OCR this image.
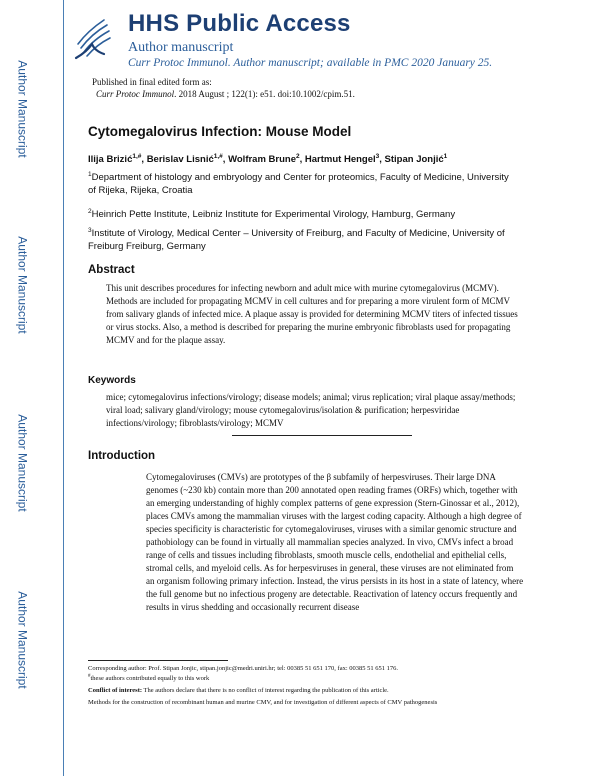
Author Manuscript
Author Manuscript
Author Manuscript
Author Manuscript
HHS Public Access
Author manuscript
Curr Protoc Immunol. Author manuscript; available in PMC 2020 January 25.
Published in final edited form as:
Curr Protoc Immunol. 2018 August ; 122(1): e51. doi:10.1002/cpim.51.
Cytomegalovirus Infection: Mouse Model
Ilija Brizić$^{1,\#}$, Berislav Lisnić$^{1,\#}$, Wolfram Brune$^2$, Hartmut Hengel$^3$, Stipan Jonjić$^1$
$^1$Department of histology and embryology and Center for proteomics, Faculty of Medicine, University of Rijeka, Rijeka, Croatia
$^2$Heinrich Pette Institute, Leibniz Institute for Experimental Virology, Hamburg, Germany
$^3$Institute of Virology, Medical Center – University of Freiburg, and Faculty of Medicine, University of Freiburg Freiburg, Germany
Abstract
This unit describes procedures for infecting newborn and adult mice with murine cytomegalovirus (MCMV). Methods are included for propagating MCMV in cell cultures and for preparing a more virulent form of MCMV from salivary glands of infected mice. A plaque assay is provided for determining MCMV titers of infected tissues or virus stocks. Also, a method is described for preparing the murine embryonic fibroblasts used for propagating MCMV and for the plaque assay.
Keywords
mice; cytomegalovirus infections/virology; disease models; animal; virus replication; viral plaque assay/methods; viral load; salivary gland/virology; mouse cytomegalovirus/isolation & purification; herpesviridae infections/virology; fibroblasts/virology; MCMV
Introduction
Cytomegaloviruses (CMVs) are prototypes of the β subfamily of herpesviruses. Their large DNA genomes (~230 kb) contain more than 200 annotated open reading frames (ORFs) which, together with an emerging understanding of highly complex patterns of gene expression (Stern-Ginossar et al., 2012), places CMVs among the mammalian viruses with the largest coding capacity. Although a high degree of species specificity is characteristic for cytomegaloviruses, viruses with a similar genomic structure and pathobiology can be found in virtually all mammalian species analyzed. In vivo, CMVs infect a broad range of cells and tissues including fibroblasts, smooth muscle cells, endothelial and epithelial cells, stromal cells, and myeloid cells. As for herpesviruses in general, these viruses are not eliminated from an organism following primary infection. Instead, the virus persists in its host in a state of latency, where the full genome but no infectious progeny are detectable. Reactivation of latency occurs frequently and results in virus shedding and occasionally recurrent disease
Corresponding author: Prof. Stipan Jonjic, stipan.jonjic@medri.uniri.hr; tel: 00385 51 651 170, fax: 00385 51 651 176.
#these authors contributed equally to this work
Conflict of interest: The authors declare that there is no conflict of interest regarding the publication of this article.
Methods for the construction of recombinant human and murine CMV, and for investigation of different aspects of CMV pathogenesis
